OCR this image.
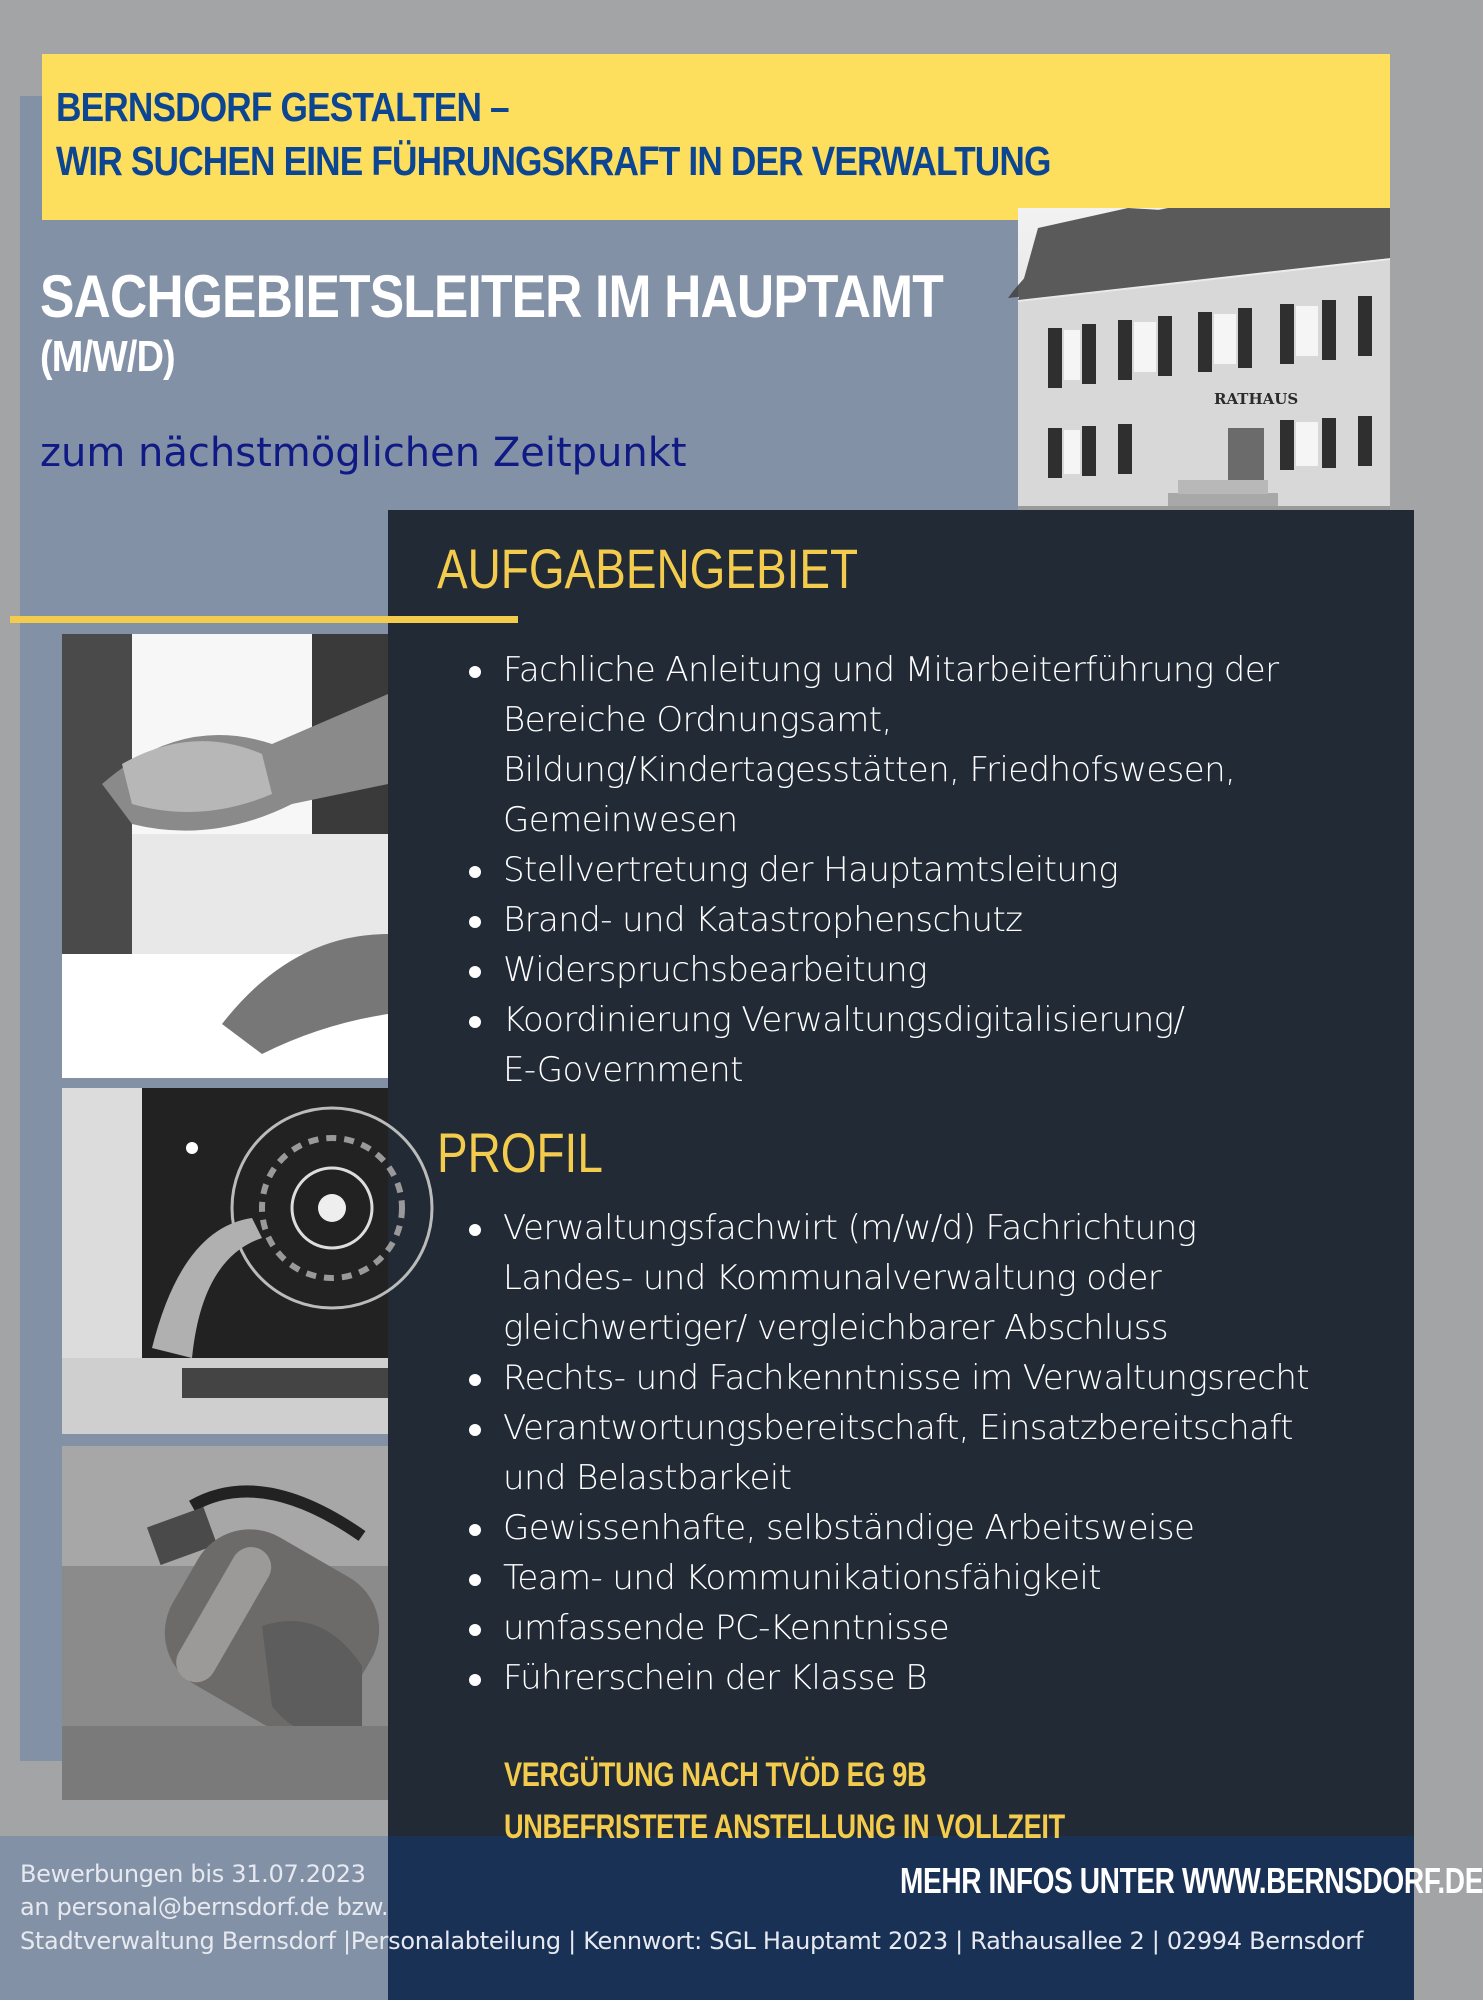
BERNSDORF GESTALTEN –
WIR SUCHEN EINE FÜHRUNGSKRAFT IN DER VERWALTUNG
SACHGEBIETSLEITER IM HAUPTAMT
(M/W/D)
zum nächstmöglichen Zeitpunkt
RATHAUS
AUFGABENGEBIET
Fachliche Anleitung und Mitarbeiterführung der
Bereiche Ordnungsamt,
Bildung/Kindertagesstätten, Friedhofswesen,
Gemeinwesen
Stellvertretung der Hauptamtsleitung
Brand- und Katastrophenschutz
Widerspruchsbearbeitung
Koordinierung Verwaltungsdigitalisierung/
E-Government
PROFIL
Verwaltungsfachwirt (m/w/d) Fachrichtung
Landes- und Kommunalverwaltung oder
gleichwertiger/ vergleichbarer Abschluss
Rechts- und Fachkenntnisse im Verwaltungsrecht
Verantwortungsbereitschaft, Einsatzbereitschaft
und Belastbarkeit
Gewissenhafte, selbständige Arbeitsweise
Team- und Kommunikationsfähigkeit
umfassende PC-Kenntnisse
Führerschein der Klasse B
VERGÜTUNG NACH TVÖD EG 9B
UNBEFRISTETE ANSTELLUNG IN VOLLZEIT
Bewerbungen bis 31.07.2023
an personal@bernsdorf.de bzw.
Stadtverwaltung Bernsdorf |Personalabteilung | Kennwort: SGL Hauptamt 2023 | Rathausallee 2 | 02994 Bernsdorf
MEHR INFOS UNTER WWW.BERNSDORF.DE
